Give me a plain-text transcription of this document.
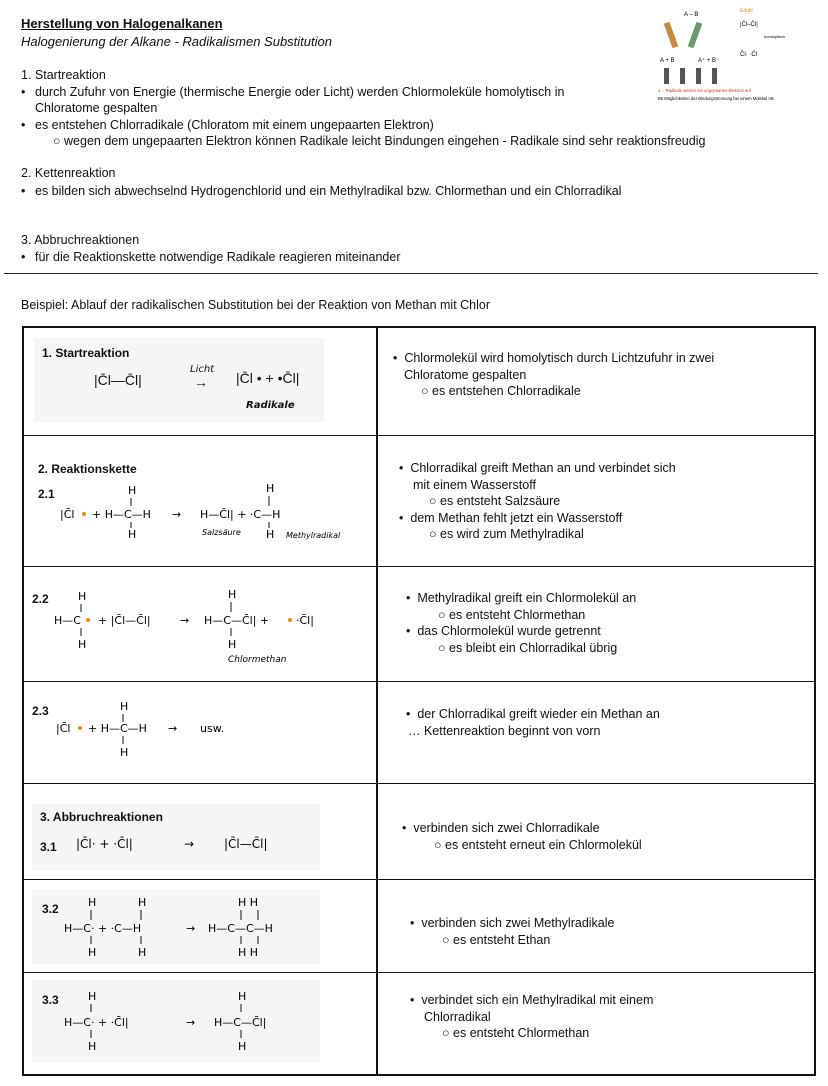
Herstellung von Halogenalkanen
Halogenierung der Alkane - Radikalismen Substitution
A – B
A + B	A⁺ + B⁻
Edukt
|C̄l–C̄l|
homolytisch
C̄l· ·C̄l
1→ Radikale weisen ein ungepaartes Elektron auf
B5 Möglichkeiten der Bindungstrennung bei einem Molekül AB
1. Startreaktion
• durch Zufuhr von Energie (thermische Energie oder Licht) werden Chlormoleküle homolytisch in
Chloratome gespalten
• es entstehen Chlorradikale (Chloratom mit einem ungepaarten Elektron)
○ wegen dem ungepaarten Elektron können Radikale leicht Bindungen eingehen - Radikale sind sehr reaktionsfreudig
2. Kettenreaktion
• es bilden sich abwechselnd Hydrogenchlorid und ein Methylradikal bzw. Chlormethan und ein Chlorradikal
3. Abbruchreaktionen
• für die Reaktionskette notwendige Radikale reagieren miteinander
Beispiel: Ablauf der radikalischen Substitution bei der Reaktion von Methan mit Chlor
1. Startreaktion
|C̄l—C̄l|
Licht
→ |C̄l • + •C̄l|
Radikale
•  Chlormolekül wird homolytisch durch Lichtzufuhr in zwei
Chloratome gespalten
○ es entstehen Chlorradikale
2. Reaktionskette
2.1
|C̄l + H—C—H
H
H
→ H—C̄l| + ·C—H
H
H
Salzsäure	Methylradikal
•  Chlorradikal greift Methan an und verbindet sich
mit einem Wasserstoff
○ es entsteht Salzsäure
•  dem Methan fehlt jetzt ein Wasserstoff
○ es wird zum Methylradikal
2.2	H
H—C
H
+ |C̄l—C̄l|	→
H
H—C—C̄l| + ·C̄l|
H
Chlormethan
•  Methylradikal greift ein Chlormolekül an
○ es entsteht Chlormethan
•  das Chlormolekül wurde getrennt
○ es bleibt ein Chlorradikal übrig
2.3
|C̄l + H—C—H
H
H
→ usw.
•  der Chlorradikal greift wieder ein Methan an
… Kettenreaktion beginnt von vorn
3. Abbruchreaktionen
3.1 |C̄l· + ·C̄l|	→ |C̄l—C̄l|
•  verbinden sich zwei Chlorradikale
○ es entsteht erneut ein Chlormolekül
3.2	H
H—C· + ·C—H
H
H	H
→ H—C—C—H
H H
H H
•  verbinden sich zwei Methylradikale
○ es entsteht Ethan
3.3	H
H—C· + ·C̄l|
H
→
H
H—C—C̄l|
H
•  verbindet sich ein Methylradikal mit einem
Chlorradikal
○ es entsteht Chlormethan
